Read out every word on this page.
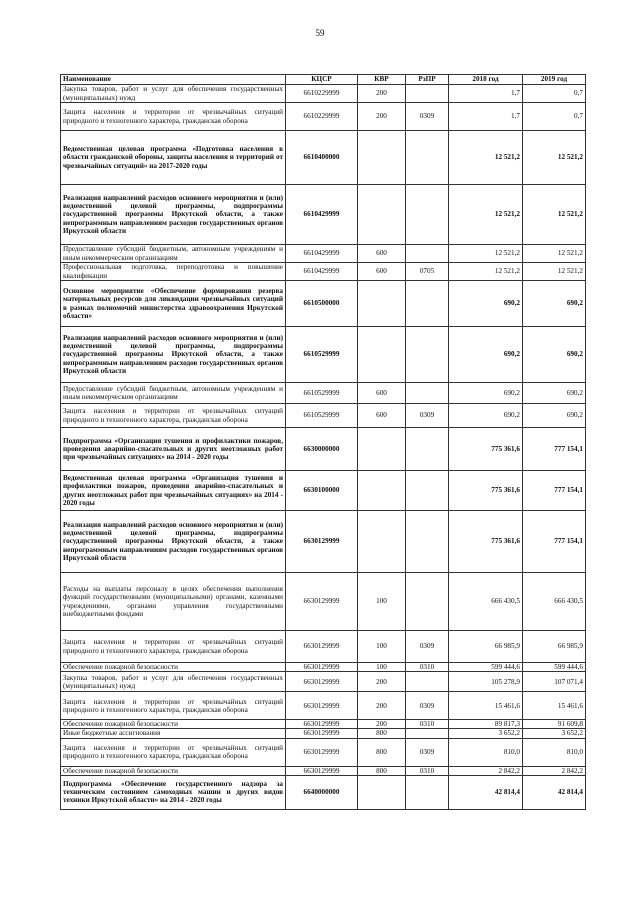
59
Наименование	КЦСР	КВР	РзПР	2018 год	2019 год
Закупка товаров, работ и услуг для обеспечения государственных (муниципальных) нужд	6610229999	200		1,7	0,7
Защита населения и территории от чрезвычайных ситуаций природного и техногенного характера, гражданская оборона	6610229999	200	0309	1,7	0,7
Ведомственная целевая программа «Подготовка населения в области гражданской обороны, защиты населения и территорий от чрезвычайных ситуаций» на 2017-2020 годы	6610400000			12 521,2	12 521,2
Реализация направлений расходов основного мероприятия и (или) ведомственной целевой программы, подпрограммы государственной программы Иркутской области, а также непрограммным направлениям расходов государственных органов Иркутской области	6610429999			12 521,2	12 521,2
Предоставление субсидий бюджетным, автономным учреждениям и иным некоммерческим организациям	6610429999	600		12 521,2	12 521,2
Профессиональная подготовка, переподготовка и повышение квалификации	6610429999	600	0705	12 521,2	12 521,2
Основное мероприятие «Обеспечение формирования резерва материальных ресурсов для ликвидации чрезвычайных ситуаций в рамках полномочий министерства здравоохранения Иркутской области»	6610500000			690,2	690,2
Реализация направлений расходов основного мероприятия и (или) ведомственной целевой программы, подпрограммы государственной программы Иркутской области, а также непрограммным направлениям расходов государственных органов Иркутской области	6610529999			690,2	690,2
Предоставление субсидий бюджетным, автономным учреждениям и иным некоммерческим организациям	6610529999	600		690,2	690,2
Защита населения и территории от чрезвычайных ситуаций природного и техногенного характера, гражданская оборона	6610529999	600	0309	690,2	690,2
Подпрограмма «Организация тушения и профилактики пожаров, проведения аварийно-спасательных и других неотложных работ при чрезвычайных ситуациях» на 2014 - 2020 годы	6630000000			775 361,6	777 154,1
Ведомственная целевая программа «Организация тушения и профилактики пожаров, проведения аварийно-спасательных и других неотложных работ при чрезвычайных ситуациях» на 2014 - 2020 годы	6630100000			775 361,6	777 154,1
Реализация направлений расходов основного мероприятия и (или) ведомственной целевой программы, подпрограммы государственной программы Иркутской области, а также непрограммным направлениям расходов государственных органов Иркутской области	6630129999			775 361,6	777 154,1
Расходы на выплаты персоналу в целях обеспечения выполнения функций государственными (муниципальными) органами, казенными учреждениями, органами управления государственными внебюджетными фондами	6630129999	100		666 430,5	666 430,5
Защита населения и территории от чрезвычайных ситуаций природного и техногенного характера, гражданская оборона	6630129999	100	0309	66 985,9	66 985,9
Обеспечение пожарной безопасности	6630129999	100	0310	599 444,6	599 444,6
Закупка товаров, работ и услуг для обеспечения государственных (муниципальных) нужд	6630129999	200		105 278,9	107 071,4
Защита населения и территории от чрезвычайных ситуаций природного и техногенного характера, гражданская оборона	6630129999	200	0309	15 461,6	15 461,6
Обеспечение пожарной безопасности	6630129999	200	0310	89 817,3	91 609,8
Иные бюджетные ассигнования	6630129999	800		3 652,2	3 652,2
Защита населения и территории от чрезвычайных ситуаций природного и техногенного характера, гражданская оборона	6630129999	800	0309	810,0	810,0
Обеспечение пожарной безопасности	6630129999	800	0310	2 842,2	2 842,2
Подпрограмма «Обеспечение государственного надзора за техническим состоянием самоходных машин и других видов техники Иркутской области» на 2014 - 2020 годы	6640000000			42 814,4	42 814,4
